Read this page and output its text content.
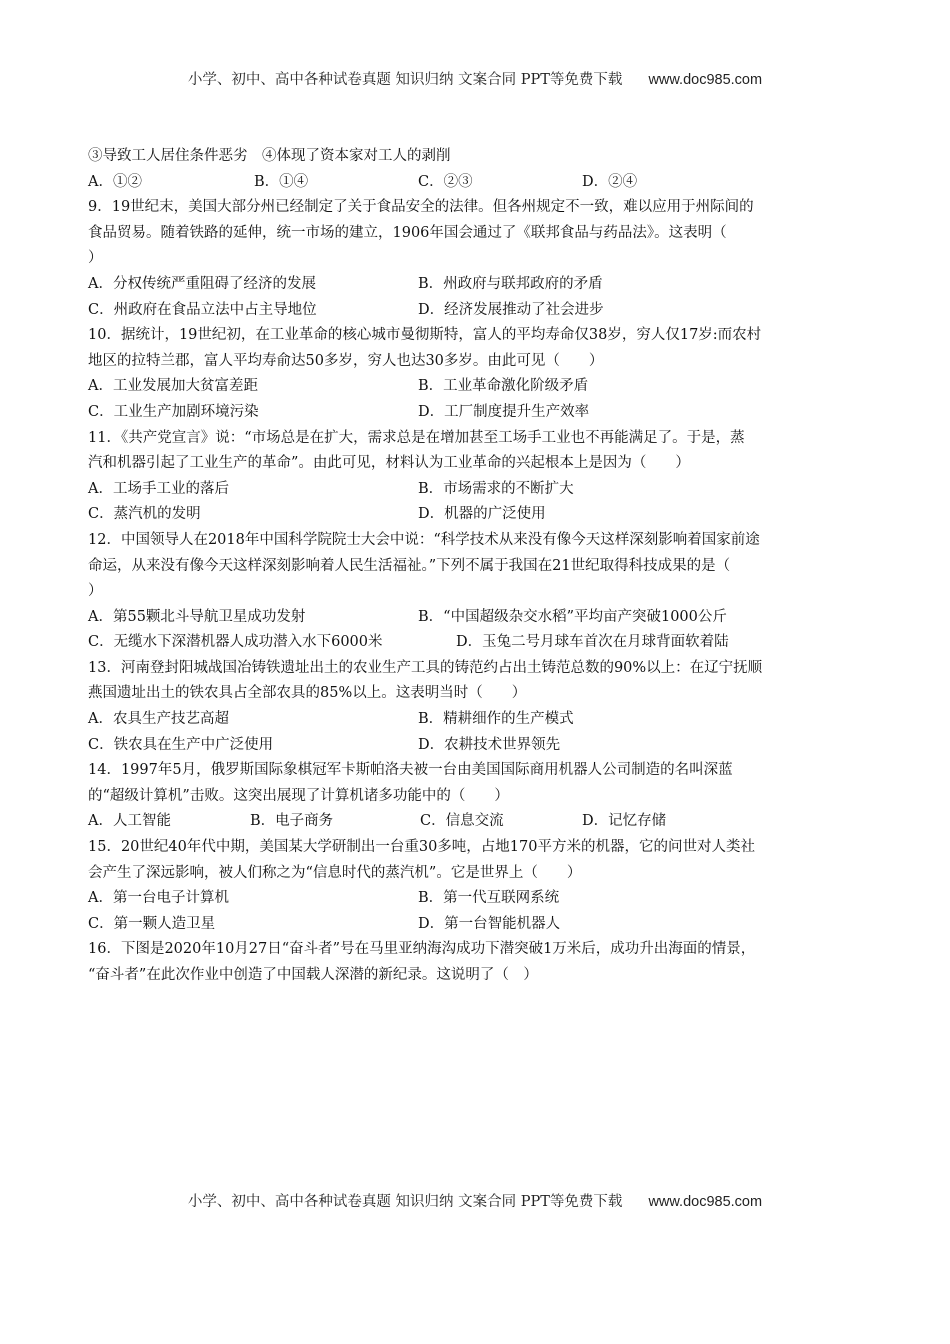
小学、初中、高中各种试卷真题 知识归纳 文案合同 PPT等免费下载 www.doc985.com
③导致工人居住条件恶劣　④体现了资本家对工人的剥削
A．①②	B．①④	C．②③	D．②④
9．19世纪末，美国大部分州已经制定了关于食品安全的法律。但各州规定不一致，难以应用于州际间的
食品贸易。随着铁路的延伸，统一市场的建立，1906年国会通过了《联邦食品与药品法》。这表明（
）
A．分权传统严重阻碍了经济的发展	B．州政府与联邦政府的矛盾
C．州政府在食品立法中占主导地位	D．经济发展推动了社会进步
10．据统计，19世纪初，在工业革命的核心城市曼彻斯特，富人的平均寿命仅38岁，穷人仅17岁:而农村
地区的拉特兰郡，富人平均寿俞达50多岁，穷人也达30多岁。由此可见（　　）
A．工业发展加大贫富差距	B．工业革命激化阶级矛盾
C．工业生产加剧环境污染	D．工厂制度提升生产效率
11．《共产党宣言》说：“市场总是在扩大，需求总是在增加甚至工场手工业也不再能满足了。于是，蒸
汽和机器引起了工业生产的革命”。由此可见，材料认为工业革命的兴起根本上是因为（　　）
A．工场手工业的落后	B．市场需求的不断扩大
C．蒸汽机的发明	D．机器的广泛使用
12．中国领导人在2018年中国科学院院士大会中说：“科学技术从来没有像今天这样深刻影响着国家前途
命运，从来没有像今天这样深刻影响着人民生活福祉。”下列不属于我国在21世纪取得科技成果的是（
）
A．第55颗北斗导航卫星成功发射	B．“中国超级杂交水稻”平均亩产突破1000公斤
C．无缆水下深潜机器人成功潜入水下6000米	D．玉兔二号月球车首次在月球背面软着陆
13．河南登封阳城战国冶铸铁遗址出土的农业生产工具的铸范约占出土铸范总数的90%以上：在辽宁抚顺
燕国遗址出土的铁农具占全部农具的85%以上。这表明当时（　　）
A．农具生产技艺高超	B．精耕细作的生产模式
C．铁农具在生产中广泛使用	D．农耕技术世界领先
14．1997年5月，俄罗斯国际象棋冠军卡斯帕洛夫被一台由美国国际商用机器人公司制造的名叫深蓝
的“超级计算机”击败。这突出展现了计算机诸多功能中的（　　）
A．人工智能	B．电子商务	C．信息交流	D．记忆存储
15．20世纪40年代中期，美国某大学研制出一台重30多吨，占地170平方米的机器，它的问世对人类社
会产生了深远影响，被人们称之为“信息时代的蒸汽机”。它是世界上（　　）
A．第一台电子计算机	B．第一代互联网系统
C．第一颗人造卫星	D．第一台智能机器人
16．下图是2020年10月27日“奋斗者”号在马里亚纳海沟成功下潜突破1万米后，成功升出海面的情景，
“奋斗者”在此次作业中创造了中国载人深潜的新纪录。这说明了（　）
小学、初中、高中各种试卷真题 知识归纳 文案合同 PPT等免费下载 www.doc985.com
